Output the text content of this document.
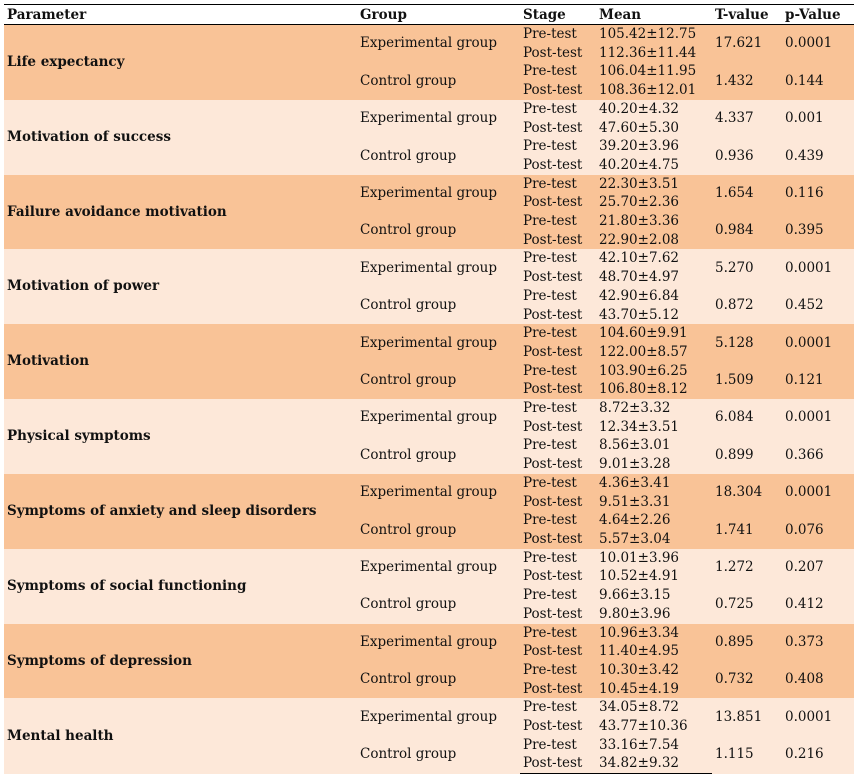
Parameter	Group	Stage	Mean	T-value	p-Value
Life expectancy	Experimental group	Pre-test	105.42±12.75	17.621	0.0001
		Post-test	112.36±11.44		
	Control group	Pre-test	106.04±11.95	1.432	0.144
		Post-test	108.36±12.01		
Motivation of success	Experimental group	Pre-test	40.20±4.32	4.337	0.001
		Post-test	47.60±5.30		
	Control group	Pre-test	39.20±3.96	0.936	0.439
		Post-test	40.20±4.75		
Failure avoidance motivation	Experimental group	Pre-test	22.30±3.51	1.654	0.116
		Post-test	25.70±2.36		
	Control group	Pre-test	21.80±3.36	0.984	0.395
		Post-test	22.90±2.08		
Motivation of power	Experimental group	Pre-test	42.10±7.62	5.270	0.0001
		Post-test	48.70±4.97		
	Control group	Pre-test	42.90±6.84	0.872	0.452
		Post-test	43.70±5.12		
Motivation	Experimental group	Pre-test	104.60±9.91	5.128	0.0001
		Post-test	122.00±8.57		
	Control group	Pre-test	103.90±6.25	1.509	0.121
		Post-test	106.80±8.12		
Physical symptoms	Experimental group	Pre-test	8.72±3.32	6.084	0.0001
		Post-test	12.34±3.51		
	Control group	Pre-test	8.56±3.01	0.899	0.366
		Post-test	9.01±3.28		
Symptoms of anxiety and sleep disorders	Experimental group	Pre-test	4.36±3.41	18.304	0.0001
		Post-test	9.51±3.31		
	Control group	Pre-test	4.64±2.26	1.741	0.076
		Post-test	5.57±3.04		
Symptoms of social functioning	Experimental group	Pre-test	10.01±3.96	1.272	0.207
		Post-test	10.52±4.91		
	Control group	Pre-test	9.66±3.15	0.725	0.412
		Post-test	9.80±3.96		
Symptoms of depression	Experimental group	Pre-test	10.96±3.34	0.895	0.373
		Post-test	11.40±4.95		
	Control group	Pre-test	10.30±3.42	0.732	0.408
		Post-test	10.45±4.19		
Mental health	Experimental group	Pre-test	34.05±8.72	13.851	0.0001
		Post-test	43.77±10.36		
	Control group	Pre-test	33.16±7.54	1.115	0.216
		Post-test	34.82±9.32		
